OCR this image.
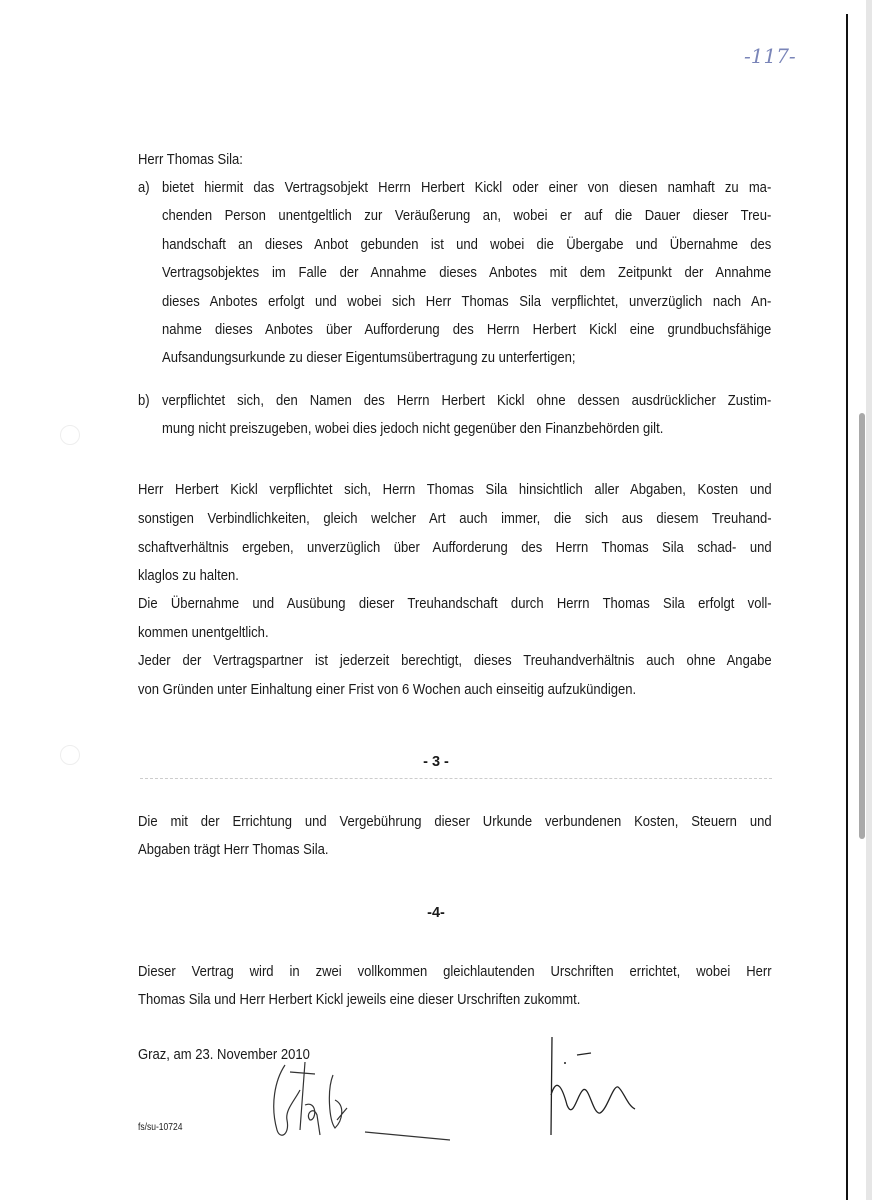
-117-
Herr Thomas Sila:
a) bietet hiermit das Vertragsobjekt Herrn Herbert Kickl oder einer von diesen namhaft zu ma-
chenden Person unentgeltlich zur Veräußerung an, wobei er auf die Dauer dieser Treu-
handschaft an dieses Anbot gebunden ist und wobei die Übergabe und Übernahme des
Vertragsobjektes im Falle der Annahme dieses Anbotes mit dem Zeitpunkt der Annahme
dieses Anbotes erfolgt und wobei sich Herr Thomas Sila verpflichtet, unverzüglich nach An-
nahme dieses Anbotes über Aufforderung des Herrn Herbert Kickl eine grundbuchsfähige
Aufsandungsurkunde zu dieser Eigentumsübertragung zu unterfertigen;
b) verpflichtet sich, den Namen des Herrn Herbert Kickl ohne dessen ausdrücklicher Zustim-
mung nicht preiszugeben, wobei dies jedoch nicht gegenüber den Finanzbehörden gilt.
Herr Herbert Kickl verpflichtet sich, Herrn Thomas Sila hinsichtlich aller Abgaben, Kosten und
sonstigen Verbindlichkeiten, gleich welcher Art auch immer, die sich aus diesem Treuhand-
schaftverhältnis ergeben, unverzüglich über Aufforderung des Herrn Thomas Sila schad- und
klaglos zu halten.
Die Übernahme und Ausübung dieser Treuhandschaft durch Herrn Thomas Sila erfolgt voll-
kommen unentgeltlich.
Jeder der Vertragspartner ist jederzeit berechtigt, dieses Treuhandverhältnis auch ohne Angabe
von Gründen unter Einhaltung einer Frist von 6 Wochen auch einseitig aufzukündigen.
- 3 -
Die mit der Errichtung und Vergebührung dieser Urkunde verbundenen Kosten, Steuern und
Abgaben trägt Herr Thomas Sila.
-4-
Dieser Vertrag wird in zwei vollkommen gleichlautenden Urschriften errichtet, wobei Herr
Thomas Sila und Herr Herbert Kickl jeweils eine dieser Urschriften zukommt.
Graz, am 23. November 2010
fs/su-10724
